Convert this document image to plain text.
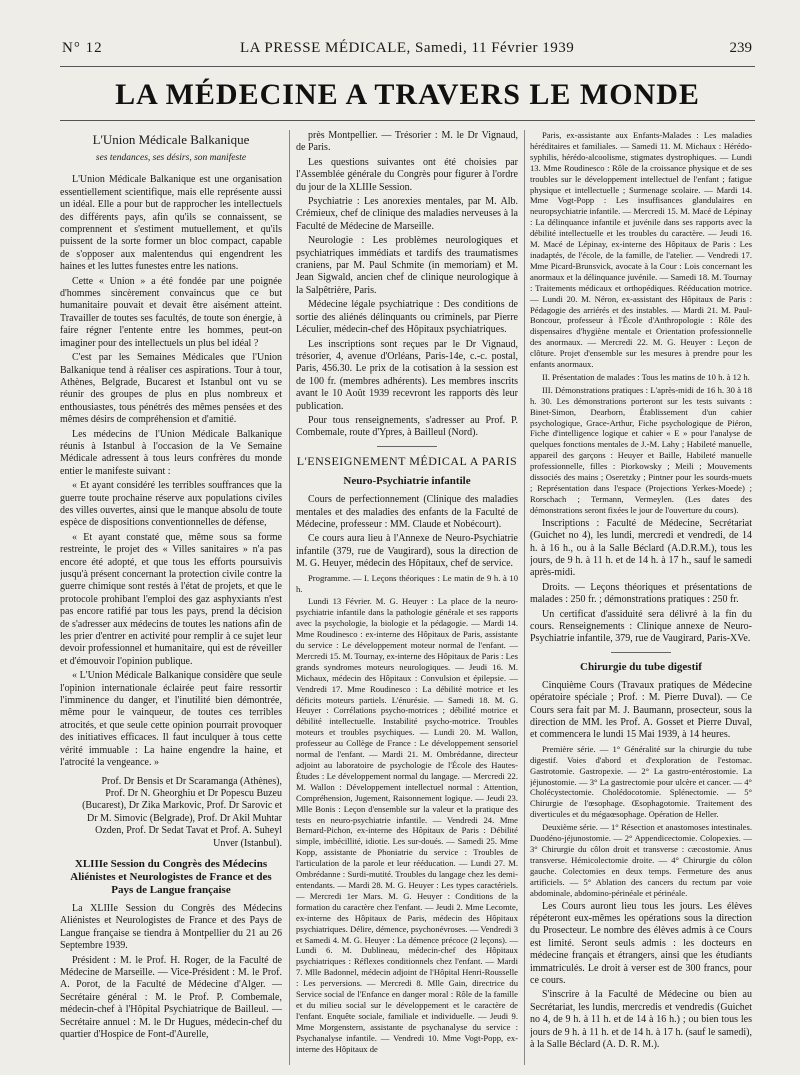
N° 12	LA PRESSE MÉDICALE, Samedi, 11 Février 1939	239
LA MÉDECINE A TRAVERS LE MONDE
L'Union Médicale Balkanique
ses tendances, ses désirs, son manifeste

L'Union Médicale Balkanique est une organisation essentiellement scientifique, mais elle représente aussi un idéal. Elle a pour but de rapprocher les intellectuels des différents pays, afin qu'ils se connaissent, se comprennent et s'estiment mutuellement, et qu'ils puissent de la sorte former un bloc compact, capable de s'opposer aux malentendus qui engendrent les haines et les luttes funestes entre les nations.

Cette « Union » a été fondée par une poignée d'hommes sincèrement convaincus que ce but humanitaire pouvait et devait être aisément atteint. Travailler de toutes ses facultés, de toute son énergie, à faire régner l'entente entre les hommes, peut-on imaginer pour des intellectuels un plus bel idéal ?

C'est par les Semaines Médicales que l'Union Balkanique tend à réaliser ces aspirations. Tour à tour, Athènes, Belgrade, Bucarest et Istanbul ont vu se réunir des groupes de plus en plus nombreux et enthousiastes, tous pénétrés des mêmes pensées et des mêmes désirs de compréhension et d'amitié.

Les médecins de l'Union Médicale Balkanique réunis à Istanbul à l'occasion de la Ve Semaine Médicale adressent à tous leurs confrères du monde entier le manifeste suivant :

« Et ayant considéré les terribles souffrances que la guerre toute prochaine réserve aux populations civiles des villes ouvertes, ainsi que le manque absolu de toute espèce de dispositions conventionnelles de défense,

« Et ayant constaté que, même sous sa forme restreinte, le projet des « Villes sanitaires » n'a pas encore été adopté, et que tous les efforts poursuivis jusqu'à présent concernant la protection civile contre la guerre chimique sont restés à l'état de projets, et que le protocole prohibant l'emploi des gaz asphyxiants n'est pas encore ratifié par tous les pays, prend la décision de s'adresser aux médecins de toutes les nations afin de les prier d'entrer en activité pour remplir à ce sujet leur devoir professionnel et humanitaire, qui est de réveiller et d'émouvoir l'opinion publique.

« L'Union Médicale Balkanique considère que seule l'opinion internationale éclairée peut faire ressortir l'imminence du danger, et l'inutilité bien démontrée, même pour le vainqueur, de toutes ces terribles atrocités, et que seule cette opinion pourrait provoquer des initiatives efficaces. Il faut inculquer à tous cette vérité immuable : La haine engendre la haine, et l'atrocité la vengeance. »

Prof. Dr Bensis et Dr Scaramanga (Athènes), Prof. Dr N. Gheorghiu et Dr Popescu Buzeu (Bucarest), Dr Zika Markovic, Prof. Dr Sarovic et Dr M. Simovic (Belgrade), Prof. Dr Akil Muhtar Ozden, Prof. Dr Sedat Tavat et Prof. A. Suheyl Unver (Istanbul).

XLIIIe Session du Congrès des Médecins Aliénistes et Neurologistes de France et des Pays de Langue française

La XLIIIe Session du Congrès des Médecins Aliénistes et Neurologistes de France et des Pays de Langue française se tiendra à Montpellier du 21 au 26 Septembre 1939.

Président : M. le Prof. H. Roger, de la Faculté de Médecine de Marseille. — Vice-Président : M. le Prof. A. Porot, de la Faculté de Médecine d'Alger. — Secrétaire général : M. le Prof. P. Combemale, médecin-chef à l'Hôpital Psychiatrique de Bailleul. — Secrétaire annuel : M. le Dr Hugues, médecin-chef du quartier d'Hospice de Font-d'Aurelle,

près Montpellier. — Trésorier : M. le Dr Vignaud, de Paris.

Les questions suivantes ont été choisies par l'Assemblée générale du Congrès pour figurer à l'ordre du jour de la XLIIIe Session.

Psychiatrie : Les anorexies mentales, par M. Alb. Crémieux, chef de clinique des maladies nerveuses à la Faculté de Médecine de Marseille.

Neurologie : Les problèmes neurologiques et psychiatriques immédiats et tardifs des traumatismes craniens, par M. Paul Schmite (in memoriam) et M. Jean Sigwald, ancien chef de clinique neurologique à la Salpêtrière, Paris.

Médecine légale psychiatrique : Des conditions de sortie des aliénés délinquants ou criminels, par Pierre Léculier, médecin-chef des Hôpitaux psychiatriques.

Les inscriptions sont reçues par le Dr Vignaud, trésorier, 4, avenue d'Orléans, Paris-14e, c.-c. postal, Paris, 456.30. Le prix de la cotisation à la session est de 100 fr. (membres adhérents). Les membres inscrits avant le 10 Août 1939 recevront les rapports dès leur publication.

Pour tous renseignements, s'adresser au Prof. P. Combemale, route d'Ypres, à Bailleul (Nord).

L'ENSEIGNEMENT MÉDICAL A PARIS
Neuro-Psychiatrie infantile

Cours de perfectionnement (Clinique des maladies mentales et des maladies des enfants de la Faculté de Médecine, professeur : MM. Claude et Nobécourt).

Ce cours aura lieu à l'Annexe de Neuro-Psychiatrie infantile (379, rue de Vaugirard), sous la direction de M. G. Heuyer, médecin des Hôpitaux, chef de service.

Programme. — I. Leçons théoriques : Le matin de 9 h. à 10 h.

Lundi 13 Février. M. G. Heuyer : La place de la neuro-psychiatrie infantile dans la pathologie générale et ses rapports avec la psychologie, la biologie et la pédagogie. — Mardi 14. Mme Roudinesco : ex-interne des Hôpitaux de Paris, assistante du service : Le développement moteur normal de l'enfant. — Mercredi 15. M. Tournay, ex-interne des Hôpitaux de Paris : Les grands syndromes moteurs neurologiques. — Jeudi 16. M. Michaux, médecin des Hôpitaux : Convulsion et épilepsie. — Vendredi 17. Mme Roudinesco : La débilité motrice et les déficits moteurs partiels. L'énurésie. — Samedi 18. M. G. Heuyer : Corrélations psycho-motrices ; débilité motrice et débilité intellectuelle. Instabilité psycho-motrice. Troubles moteurs et troubles psychiques. — Lundi 20. M. Wallon, professeur au Collège de France : Le développement sensoriel normal de l'enfant. — Mardi 21. M. Ombrédanne, directeur adjoint au laboratoire de psychologie de l'École des Hautes-Études : Le développement normal du langage. — Mercredi 22. M. Wallon : Développement intellectuel normal : Attention, Compréhension, Jugement, Raisonnement logique. — Jeudi 23. Mlle Bonis : Leçon d'ensemble sur la valeur et la pratique des tests en neuro-psychiatrie infantile. — Vendredi 24. Mme Bernard-Pichon, ex-interne des Hôpitaux de Paris : Débilité simple, imbécillité, idiotie. Les sur-doués. — Samedi 25. Mme Kopp, assistante de Phoniatrie du service : Troubles de l'articulation de la parole et leur rééducation. — Lundi 27. M. Ombrédanne : Surdi-mutité. Troubles du langage chez les demi-entendants. — Mardi 28. M. G. Heuyer : Les types caractériels. — Mercredi 1er Mars. M. G. Heuyer : Conditions de la formation du caractère chez l'enfant. — Jeudi 2. Mme Lecomte, ex-interne des Hôpitaux de Paris, médecin des Hôpitaux psychiatriques. Délire, démence, psychonévroses. — Vendredi 3 et Samedi 4. M. G. Heuyer : La démence précoce (2 leçons). — Lundi 6. M. Dublineau, médecin-chef des Hôpitaux psychiatriques : Réflexes conditionnels chez l'enfant. — Mardi 7. Mlle Badonnel, médecin adjoint de l'Hôpital Henri-Rousselle : Les perversions. — Mercredi 8. Mlle Gain, directrice du Service social de l'Enfance en danger moral : Rôle de la famille et du milieu social sur le développement et le caractère de l'enfant. Enquête sociale, familiale et individuelle. — Jeudi 9. Mme Morgenstern, assistante de psychanalyse du service : Psychanalyse infantile. — Vendredi 10. Mme Vogt-Popp, ex-interne des Hôpitaux de

Paris, ex-assistante aux Enfants-Malades : Les maladies héréditaires et familiales. — Samedi 11. M. Michaux : Hérédo-syphilis, hérédo-alcoolisme, stigmates dystrophiques. — Lundi 13. Mme Roudinesco : Rôle de la croissance physique et de ses troubles sur le développement intellectuel de l'enfant ; fatigue physique et intellectuelle ; Surmenage scolaire. — Mardi 14. Mme Vogt-Popp : Les insuffisances glandulaires en neuropsychiatrie infantile. — Mercredi 15. M. Macé de Lépinay : La délinquance infantile et juvénile dans ses rapports avec la débilité intellectuelle et les troubles du caractère. — Jeudi 16. M. Macé de Lépinay, ex-interne des Hôpitaux de Paris : Les inadaptés, de l'école, de la famille, de l'atelier. — Vendredi 17. Mme Picard-Brunsvick, avocate à la Cour : Lois concernant les anormaux et la délinquance juvénile. — Samedi 18. M. Tournay : Traitements médicaux et orthopédiques. Rééducation motrice. — Lundi 20. M. Néron, ex-assistant des Hôpitaux de Paris : Pédagogie des arriérés et des instables. — Mardi 21. M. Paul-Boncour, professeur à l'École d'Anthropologie : Rôle des dispensaires d'hygiène mentale et Orientation professionnelle des anormaux. — Mercredi 22. M. G. Heuyer : Leçon de clôture. Projet d'ensemble sur les mesures à prendre pour les enfants anormaux.

II. Présentation de malades : Tous les matins de 10 h. à 12 h.

III. Démonstrations pratiques : L'après-midi de 16 h. 30 à 18 h. 30. Les démonstrations porteront sur les tests suivants : Binet-Simon, Dearborn, Établissement d'un cahier psychologique, Grace-Arthur, Fiche psychologique de Piéron, Fiche d'intelligence logique et cahier « E » pour l'analyse de quelques fonctions mentales de J.-M. Lahy ; Habileté manuelle, appareil des garçons : Heuyer et Baille, Habileté manuelle professionnelle, filles : Piorkowsky ; Meili ; Mouvements dissociés des mains ; Oseretzky ; Pintner pour les sourds-muets ; Représentation dans l'espace (Projections Yerkes-Moede) ; Rorschach ; Termann, Vermeylen. (Les dates des démonstrations seront fixées le jour de l'ouverture du cours).

Inscriptions : Faculté de Médecine, Secrétariat (Guichet no 4), les lundi, mercredi et vendredi, de 14 h. à 16 h., ou à la Salle Béclard (A.D.R.M.), tous les jours, de 9 h. à 11 h. et de 14 h. à 17 h., sauf le samedi après-midi.

Droits. — Leçons théoriques et présentations de malades : 250 fr. ; démonstrations pratiques : 250 fr.

Un certificat d'assiduité sera délivré à la fin du cours. Renseignements : Clinique annexe de Neuro-Psychiatrie infantile, 379, rue de Vaugirard, Paris-XVe.

Chirurgie du tube digestif

Cinquième Cours (Travaux pratiques de Médecine opératoire spéciale ; Prof. : M. Pierre Duval). — Ce Cours sera fait par M. J. Baumann, prosecteur, sous la direction de MM. les Prof. A. Gosset et Pierre Duval, et commencera le lundi 15 Mai 1939, à 14 heures.

Première série. — 1° Généralité sur la chirurgie du tube digestif. Voies d'abord et d'exploration de l'estomac. Gastrotomie. Gastropexie. — 2° La gastro-entérostomie. La jéjunostomie. — 3° La gastrectomie pour ulcère et cancer. — 4° Cholécystectomie. Cholédocotomie. Splénectomie. — 5° Chirurgie de l'œsophage. Œsophagotomie. Traitement des diverticules et du mégaœsophage. Opération de Heller.

Deuxième série. — 1° Résection et anastomoses intestinales. Duodéno-jéjunostomie. — 2° Appendicectomie. Colopexies. — 3° Chirurgie du côlon droit et transverse : cæcostomie. Anus transverse. Hémicolectomie droite. — 4° Chirurgie du côlon gauche. Colectomies en deux temps. Fermeture des anus artificiels. — 5° Ablation des cancers du rectum par voie abdominale, abdomino-périnéale et périnéale.

Les Cours auront lieu tous les jours. Les élèves répéteront eux-mêmes les opérations sous la direction du Prosecteur. Le nombre des élèves admis à ce Cours est limité. Seront seuls admis : les docteurs en médecine français et étrangers, ainsi que les étudiants immatriculés. Le droit à verser est de 300 francs, pour ce cours.

S'inscrire à la Faculté de Médecine ou bien au Secrétariat, les lundis, mercredis et vendredis (Guichet no 4, de 9 h. à 11 h. et de 14 à 16 h.) ; ou bien tous les jours de 9 h. à 11 h. et de 14 h. à 17 h. (sauf le samedi), à la Salle Béclard (A. D. R. M.).
